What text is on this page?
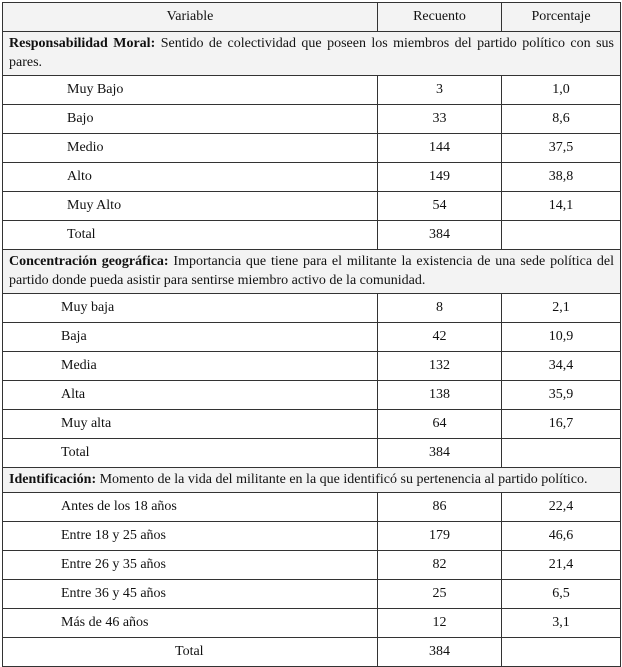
Variable	Recuento	Porcentaje
Responsabilidad Moral: Sentido de colectividad que poseen los miembros del partido político con sus pares.		
Muy Bajo	3	1,0
Bajo	33	8,6
Medio	144	37,5
Alto	149	38,8
Muy Alto	54	14,1
Total	384	
Concentración geográfica: Importancia que tiene para el militante la existencia de una sede política del partido donde pueda asistir para sentirse miembro activo de la comunidad.		
Muy baja	8	2,1
Baja	42	10,9
Media	132	34,4
Alta	138	35,9
Muy alta	64	16,7
Total	384	
Identificación: Momento de la vida del militante en la que identificó su pertenencia al partido político.		
Antes de los 18 años	86	22,4
Entre 18 y 25 años	179	46,6
Entre 26 y 35 años	82	21,4
Entre 36 y 45 años	25	6,5
Más de 46 años	12	3,1
Total	384	
